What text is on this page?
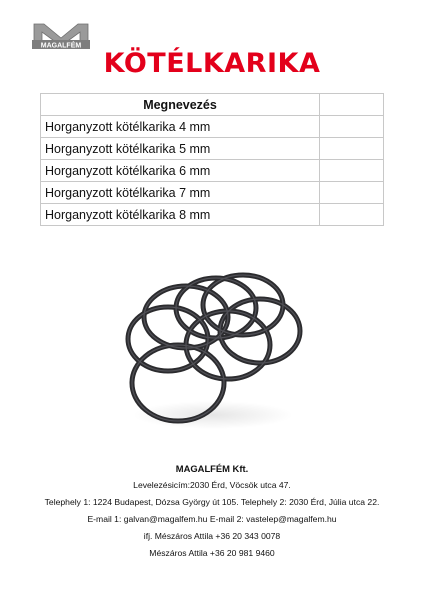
MAGALFÉM
KÖTÉLKARIKA
Megnevezés	
Horganyzott kötélkarika 4 mm	
Horganyzott kötélkarika 5 mm	
Horganyzott kötélkarika 6 mm	
Horganyzott kötélkarika 7 mm	
Horganyzott kötélkarika 8 mm	
MAGALFÉM Kft.
Levelezésicím:2030 Érd, Vöcsök utca 47.
Telephely 1: 1224 Budapest, Dózsa György út 105. Telephely 2: 2030 Érd, Júlia utca 22.
E-mail 1: galvan@magalfem.hu E-mail 2: vastelep@magalfem.hu
ifj. Mészáros Attila +36 20 343 0078
Mészáros Attila +36 20 981 9460
